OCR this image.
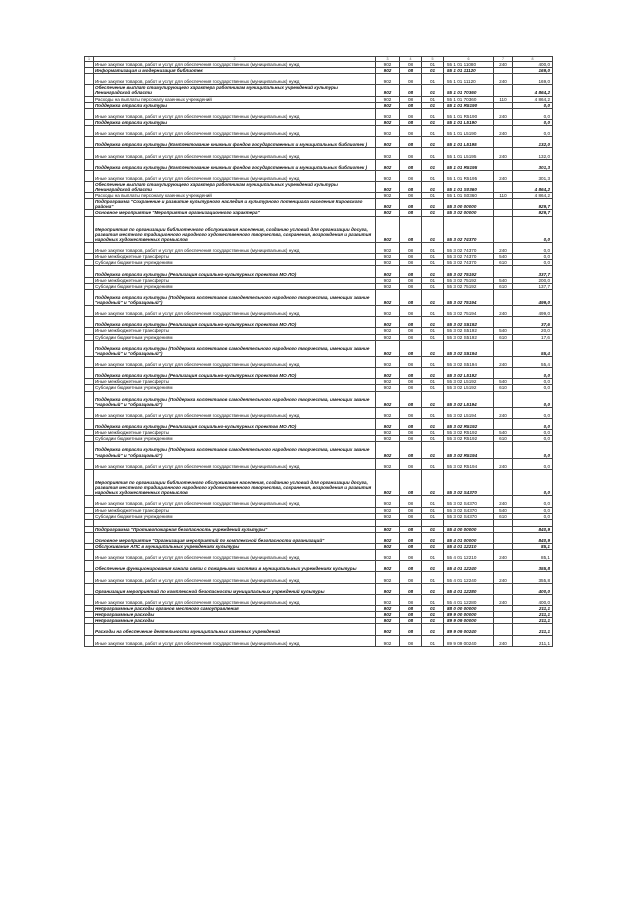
1	2	3	4	5	6	7	8
	Иные закупки товаров, работ и услуг для обеспечения государственных (муниципальных) нужд	902	08	01	55 1 01 11080	240	400,0
	Информатизация и модернизация библиотек	902	08	01	55 1 01 11120		169,0
	Иные закупки товаров, работ и услуг для обеспечения государственных (муниципальных) нужд	902	08	01	55 1 01 11120	240	169,0
	Обеспечение выплат стимулирующего характера работникам муниципальных учреждений культуры Ленинградской области	902	08	01	55 1 01 70360		4 864,2
	Расходы на выплаты персоналу казенных учреждений	902	08	01	55 1 01 70360	110	4 864,2
	Поддержка отрасли культуры	902	08	01	55 1 01 R5190		0,0
	Иные закупки товаров, работ и услуг для обеспечения государственных (муниципальных) нужд	902	08	01	55 1 01 R5190	240	0,0
	Поддержка отрасли культуры	902	08	01	55 1 01 L5190		0,0
	Иные закупки товаров, работ и услуг для обеспечения государственных (муниципальных) нужд	902	08	01	55 1 01 L5190	240	0,0
	Поддержка отрасли культуры (Комплектование книжных фондов государственных и муниципальных библиотек )	902	08	01	55 1 01 L5195		132,0
	Иные закупки товаров, работ и услуг для обеспечения государственных (муниципальных) нужд	902	08	01	55 1 01 L5195	240	132,0
	Поддержка отрасли культуры (Комплектование книжных фондов государственных и муниципальных библиотек )	902	08	01	55 1 01 R5195		301,3
	Иные закупки товаров, работ и услуг для обеспечения государственных (муниципальных) нужд	902	08	01	55 1 01 R5195	240	301,3
	Обеспечение выплат стимулирующего характера работникам муниципальных учреждений культуры Ленинградской области	902	08	01	55 1 01 S0360		4 864,2
	Расходы на выплаты персоналу казенных учреждений	902	08	01	55 1 01 S0360	110	4 864,2
	Подпрограмма "Сохранение и развитие культурного наследия и культурного потенциала населения Кировского района"	902	08	01	55 3 00 00000		929,7
	Основное мероприятие "Мероприятия организационного характера"	902	08	01	55 3 02 00000		929,7
	Мероприятия по организации библиотечного обслуживания населения, созданию условий для организации досуга, развития местного традиционного народного художественного творчества, сохранения, возрождения и развития народных художественных промыслов	902	08	01	55 3 02 74370		0,0
	Иные закупки товаров, работ и услуг для обеспечения государственных (муниципальных) нужд	902	08	01	55 3 02 74370	240	0,0
	Иные межбюджетные трансферты	902	08	01	55 3 02 74370	540	0,0
	Субсидии бюджетным учреждениям	902	08	01	55 3 02 74370	610	0,0
	Поддержка отрасли культуры (Реализация социально-культурных проектов МО ЛО)	902	08	01	55 3 02 75192		337,7
	Иные межбюджетные трансферты	902	08	01	55 3 02 75192	540	200,0
	Субсидии бюджетным учреждениям	902	08	01	55 3 02 75192	610	137,7
	Поддержка отрасли культуры (Поддержка коллективов самодеятельного народного творчества, имеющих звание "народный" и "образцовый")	902	08	01	55 3 02 75194		499,0
	Иные закупки товаров, работ и услуг для обеспечения государственных (муниципальных) нужд	902	08	01	55 3 02 75194	240	499,0
	Поддержка отрасли культуры (Реализация социально-культурных проектов МО ЛО)	902	08	01	55 3 02 S5192		37,6
	Иные межбюджетные трансферты	902	08	01	55 3 02 S5192	540	20,0
	Субсидии бюджетным учреждениям	902	08	01	55 3 02 S5192	610	17,6
	Поддержка отрасли культуры (Поддержка коллективов самодеятельного народного творчества, имеющих звание "народный" и "образцовый")	902	08	01	55 3 02 S5194		55,4
	Иные закупки товаров, работ и услуг для обеспечения государственных (муниципальных) нужд	902	08	01	55 3 02 S5194	240	55,4
	Поддержка отрасли культуры (Реализация социально-культурных проектов МО ЛО)	902	08	01	55 3 02 L5192		0,0
	Иные межбюджетные трансферты	902	08	01	55 3 02 L5192	540	0,0
	Субсидии бюджетным учреждениям	902	08	01	55 3 02 L5192	610	0,0
	Поддержка отрасли культуры (Поддержка коллективов самодеятельного народного творчества, имеющих звание "народный" и "образцовый")	902	08	01	55 3 02 L5194		0,0
	Иные закупки товаров, работ и услуг для обеспечения государственных (муниципальных) нужд	902	08	01	55 3 02 L5194	240	0,0
	Поддержка отрасли культуры (Реализация социально-культурных проектов МО ЛО)	902	08	01	55 3 02 R5192		0,0
	Иные межбюджетные трансферты	902	08	01	55 3 02 R5192	540	0,0
	Субсидии бюджетным учреждениям	902	08	01	55 3 02 R5192	610	0,0
	Поддержка отрасли культуры (Поддержка коллективов самодеятельного народного творчества, имеющих звание "народный" и "образцовый")	902	08	01	55 3 02 R5194		0,0
	Иные закупки товаров, работ и услуг для обеспечения государственных (муниципальных) нужд	902	08	01	55 3 02 R5194	240	0,0
	Мероприятия по организации библиотечного обслуживания населения, созданию условий для организации досуга, развития местного традиционного народного художественного творчества, сохранения, возрождения и развития народных художественных промыслов	902	08	01	55 3 02 S4370		0,0
	Иные закупки товаров, работ и услуг для обеспечения государственных (муниципальных) нужд	902	08	01	55 3 02 S4370	240	0,0
	Иные межбюджетные трансферты	902	08	01	55 3 02 S4370	540	0,0
	Субсидии бюджетным учреждениям	902	08	01	55 3 02 S4370	610	0,0

	Подпрограмма "Противопожарная безопасность учреждений культуры"	902	08	01	55 4 00 00000		840,9
	Основное мероприятие "Организация мероприятий по комплексной безопасности организаций"	902	08	01	55 4 01 00000		840,9
	Обслуживание АПС в муниципальных учреждениях культуры	902	08	01	55 4 01 12210		85,1
	Иные закупки товаров, работ и услуг для обеспечения государственных (муниципальных) нужд	902	08	01	55 4 01 12210	240	85,1
	Обеспечение функционирования канала связи с пожарными частями в муниципальных учреждениях культуры	902	08	01	55 4 01 12240		355,8
	Иные закупки товаров, работ и услуг для обеспечения государственных (муниципальных) нужд	902	08	01	55 4 01 12240	240	355,8
	Организация мероприятий по комплексной безопасности муниципальных учреждений культуры	902	08	01	55 4 01 12280		400,0
	Иные закупки товаров, работ и услуг для обеспечения государственных (муниципальных) нужд	902	08	01	55 4 01 12280	240	400,0
	Непрограммные расходы органов местного самоуправления	902	08	01	88 0 00 00000		211,1
	Непрограммные расходы	902	08	01	89 9 00 00000		211,1
	Непрограммные расходы	902	08	01	89 9 09 00000		211,1
	Расходы на обеспечение деятельности муниципальных казенных учреждений	902	08	01	89 9 09 00240		211,1
	Иные закупки товаров, работ и услуг для обеспечения государственных (муниципальных) нужд	902	08	01	89 9 09 00240	240	211,1
